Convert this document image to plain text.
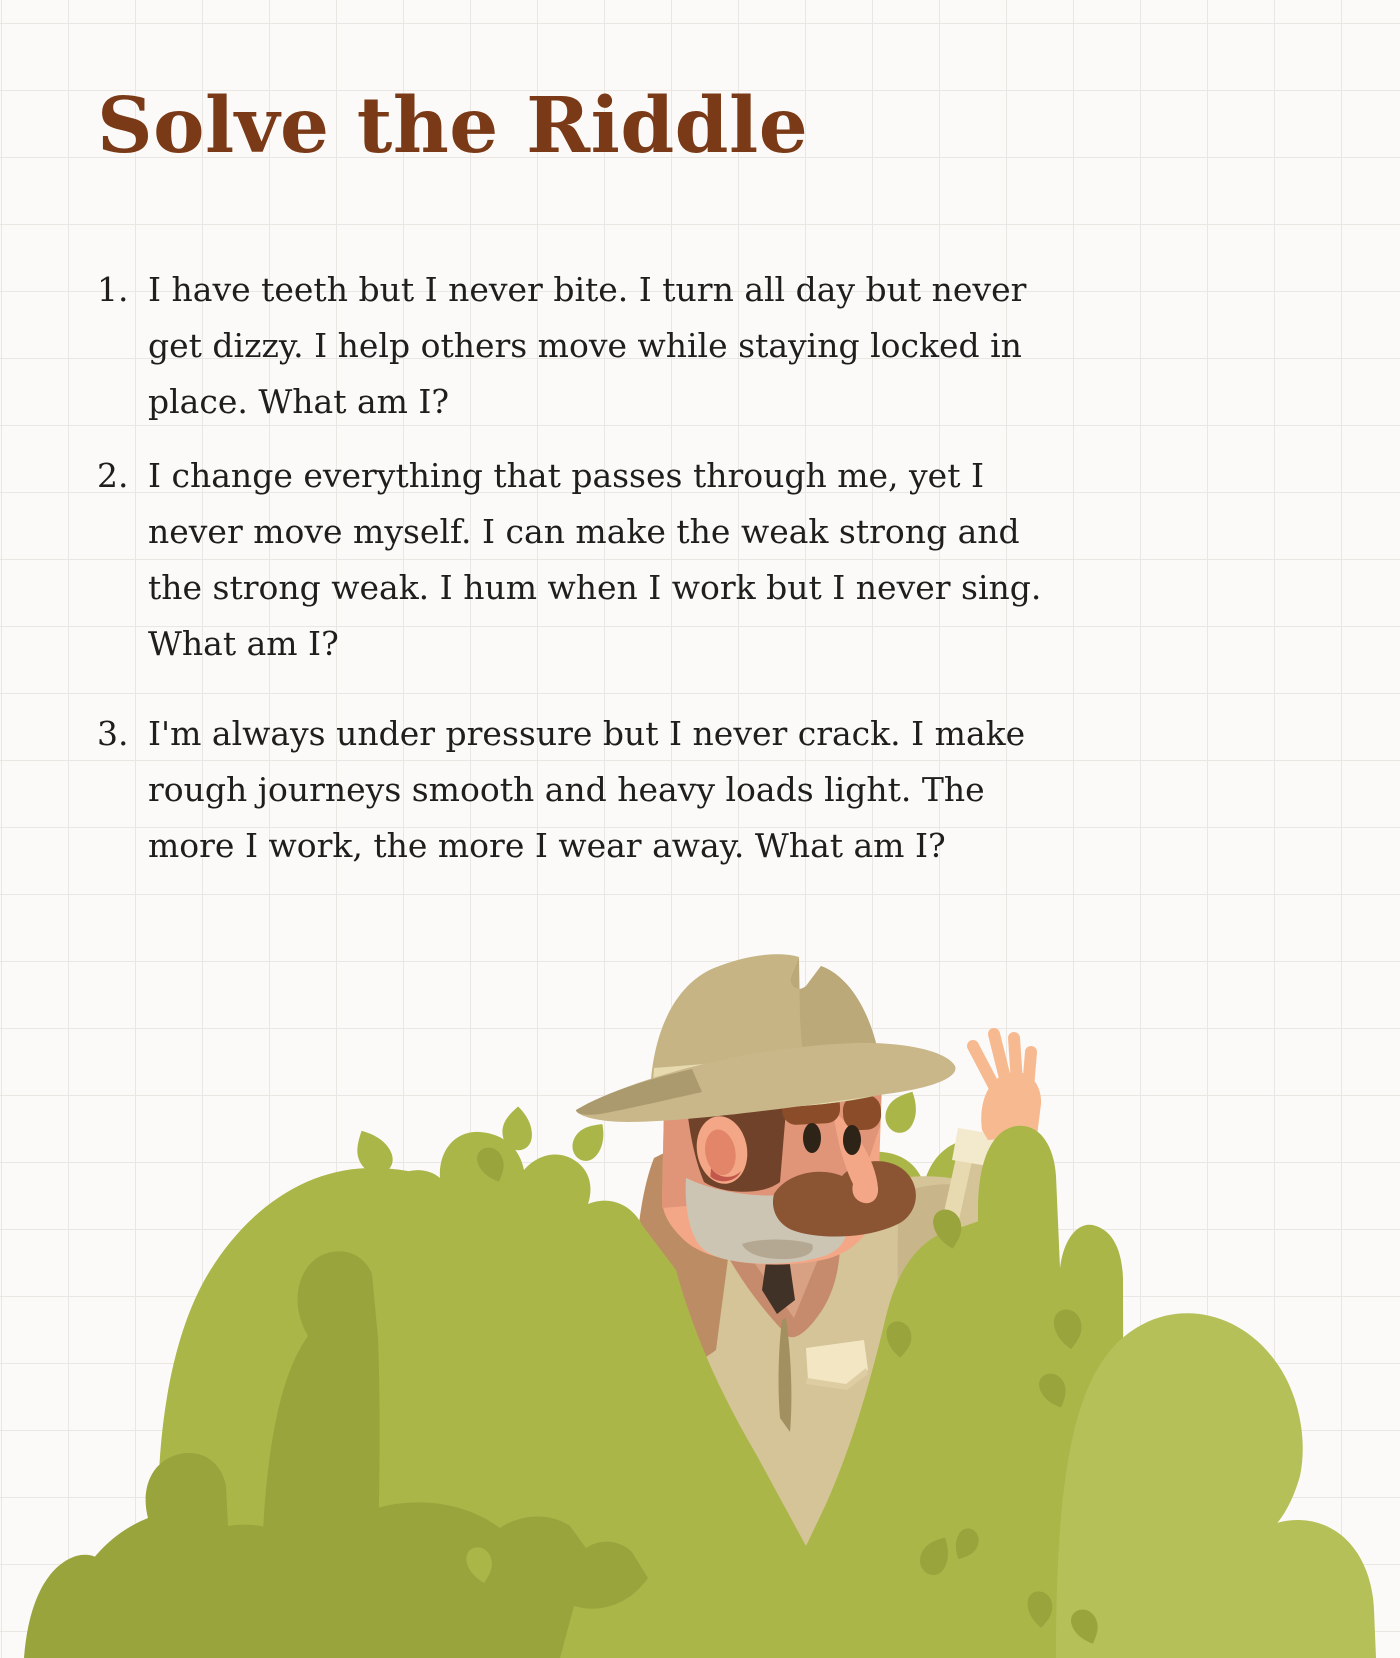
Solve the Riddle
1. I have teeth but I never bite. I turn all day but never
get dizzy. I help others move while staying locked in
place. What am I?
2. I change everything that passes through me, yet I
never move myself. I can make the weak strong and
the strong weak. I hum when I work but I never sing.
What am I?
3. I'm always under pressure but I never crack. I make
rough journeys smooth and heavy loads light. The
more I work, the more I wear away. What am I?
